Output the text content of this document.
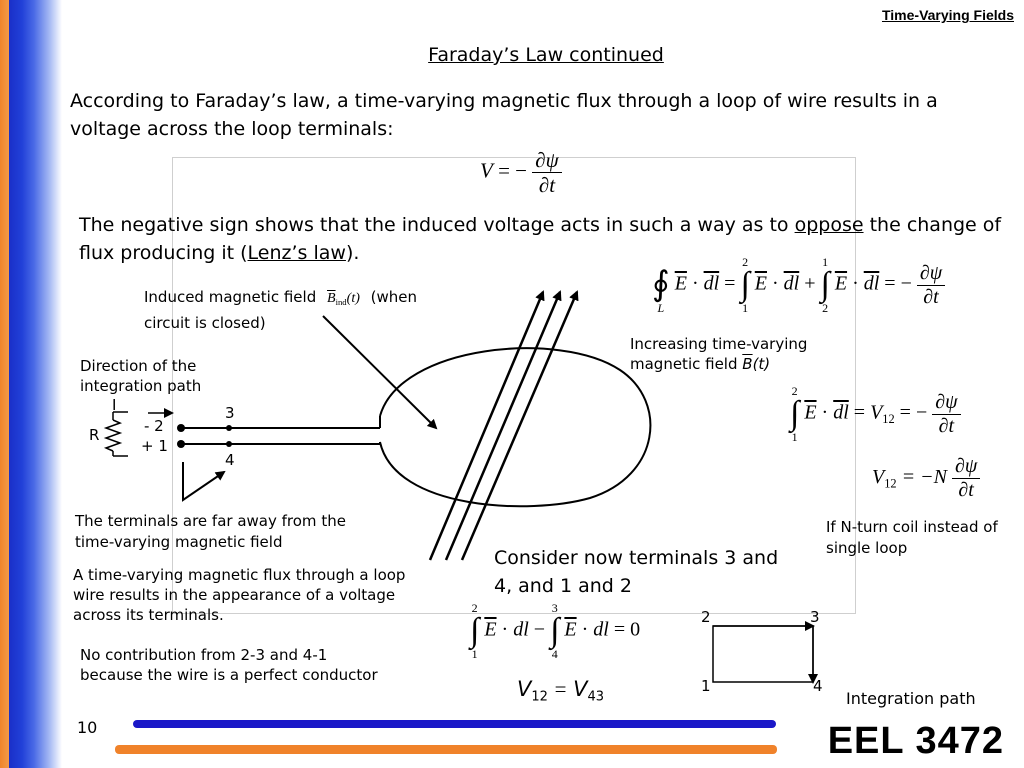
Time-Varying Fields
Faraday’s Law continued
According to Faraday’s law, a time-varying magnetic flux through a loop of wire results in a voltage across the loop terminals:
V = − $\frac{\partial\psi}{\partial t}$
The negative sign shows that the induced voltage acts in such a way as to oppose the change of flux producing it (Lenz’s law).

∮
L
$\overline{E} \cdot \overline{dl}$ =
2
∫
1
$\overline{E} \cdot \overline{dl}$ +
1
∫
2
$\overline{E} \cdot \overline{dl}$ = − $\frac{\partial\psi}{\partial t}$
Induced magnetic field $\overline{B}_{ind}(t)$ (when circuit is closed)
Increasing time-varying
magnetic field $\overline{B}(t)$
Direction of the integration path
I
R	- 2
+ 1
3
4
2
∫
1
$\overline{E} \cdot \overline{dl} = V_{12}$ = − $\frac{\partial\psi}{\partial t}$
$V_{12} = -N \frac{\partial\psi}{\partial t}$
If N-turn coil instead of single loop
The terminals are far away from the time-varying magnetic field
A time-varying magnetic flux through a loop wire results in the appearance of a voltage across its terminals.
Consider now terminals 3 and 4, and 1 and 2
2
∫
1
$\overline{E}$ · dl −
3
∫
4
$\overline{E}$ · dl = 0
$V_{12} = V_{43}$
No contribution from 2-3 and 4-1 because the wire is a perfect conductor
2	3
1	4
Integration path
10	EEL 3472
